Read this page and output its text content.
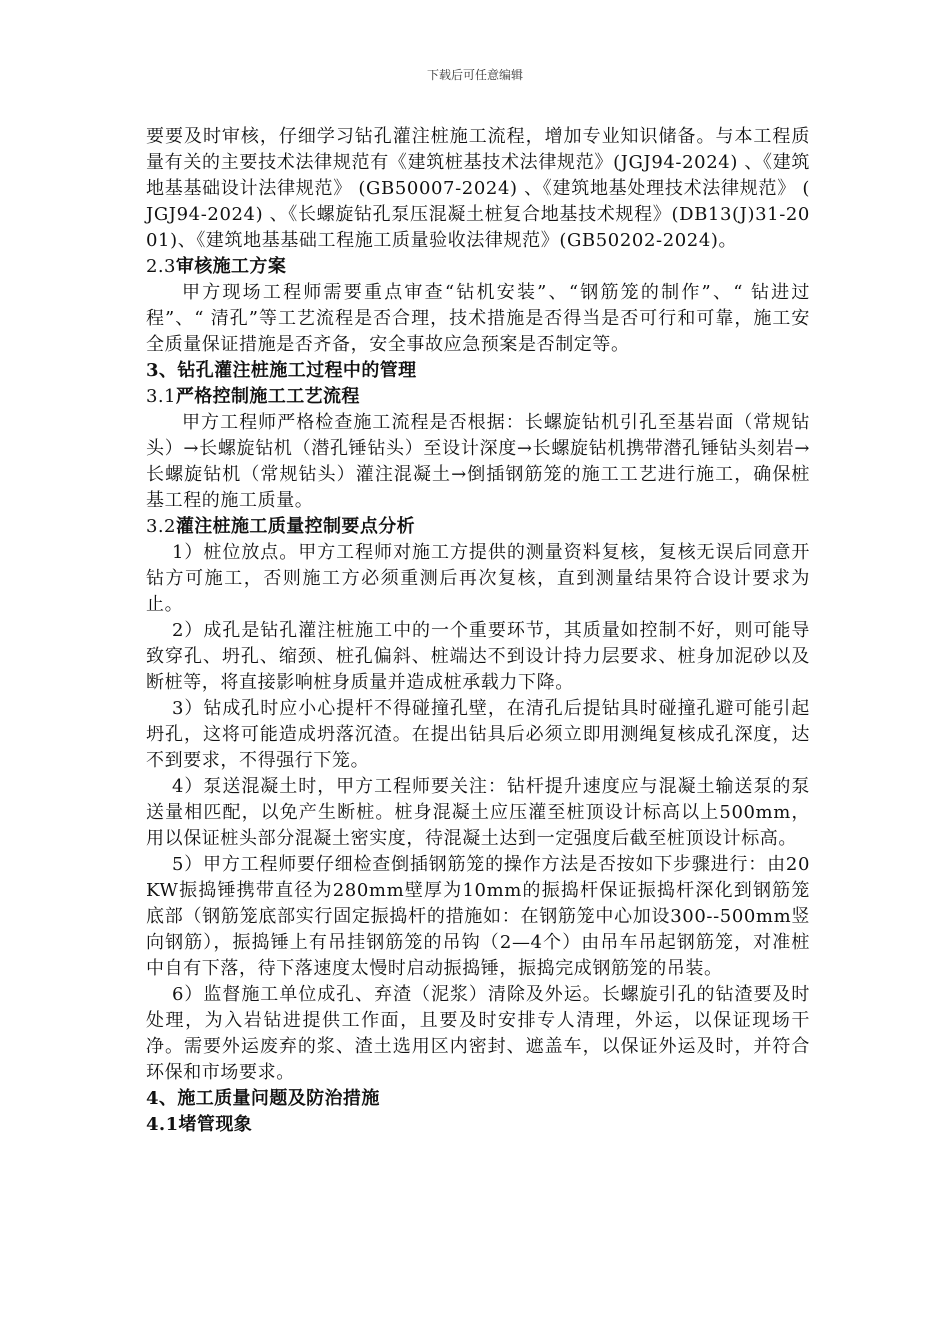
下载后可任意编辑

要要及时审核，仔细学习钻孔灌注桩施工流程，增加专业知识储备。与本工程质量有关的主要技术法律规范有《建筑桩基技术法律规范》(JGJ94-2024) 、《建筑地基基础设计法律规范》 (GB50007-2024) 、《建筑地基处理技术法律规范》 ( JGJ94-2024) 、《长螺旋钻孔泵压混凝土桩复合地基技术规程》(DB13(J)31-2001)、《建筑地基基础工程施工质量验收法律规范》(GB50202-2024)。

2.3审核施工方案

甲方现场工程师需要重点审查“钻机安装”、“钢筋笼的制作”、“ 钻进过程”、“ 清孔”等工艺流程是否合理，技术措施是否得当是否可行和可靠，施工安全质量保证措施是否齐备，安全事故应急预案是否制定等。

3、钻孔灌注桩施工过程中的管理

3.1严格控制施工工艺流程

甲方工程师严格检查施工流程是否根据：长螺旋钻机引孔至基岩面（常规钻头）→长螺旋钻机（潜孔锤钻头）至设计深度→长螺旋钻机携带潜孔锤钻头刻岩→长螺旋钻机（常规钻头）灌注混凝土→倒插钢筋笼的施工工艺进行施工，确保桩基工程的施工质量。

3.2灌注桩施工质量控制要点分析

1）桩位放点。甲方工程师对施工方提供的测量资料复核，复核无误后同意开钻方可施工，否则施工方必须重测后再次复核，直到测量结果符合设计要求为止。

2）成孔是钻孔灌注桩施工中的一个重要环节，其质量如控制不好，则可能导致穿孔、坍孔、缩颈、桩孔偏斜、桩端达不到设计持力层要求、桩身加泥砂以及断桩等，将直接影响桩身质量并造成桩承载力下降。

3）钻成孔时应小心提杆不得碰撞孔壁，在清孔后提钻具时碰撞孔避可能引起坍孔，这将可能造成坍落沉渣。在提出钻具后必须立即用测绳复核成孔深度，达不到要求，不得强行下笼。

4）泵送混凝土时，甲方工程师要关注：钻杆提升速度应与混凝土输送泵的泵送量相匹配，以免产生断桩。桩身混凝土应压灌至桩顶设计标高以上500mm，用以保证桩头部分混凝土密实度，待混凝土达到一定强度后截至桩顶设计标高。

5）甲方工程师要仔细检查倒插钢筋笼的操作方法是否按如下步骤进行：由20KW振捣锤携带直径为280mm壁厚为10mm的振捣杆保证振捣杆深化到钢筋笼底部（钢筋笼底部实行固定振捣杆的措施如：在钢筋笼中心加设300--500mm竖向钢筋），振捣锤上有吊挂钢筋笼的吊钩（2—4个）由吊车吊起钢筋笼，对准桩中自有下落，待下落速度太慢时启动振捣锤，振捣完成钢筋笼的吊装。

6）监督施工单位成孔、弃渣（泥浆）清除及外运。长螺旋引孔的钻渣要及时处理，为入岩钻进提供工作面，且要及时安排专人清理，外运，以保证现场干净。需要外运废弃的浆、渣土选用区内密封、遮盖车，以保证外运及时，并符合环保和市场要求。

4、施工质量问题及防治措施

4.1堵管现象
